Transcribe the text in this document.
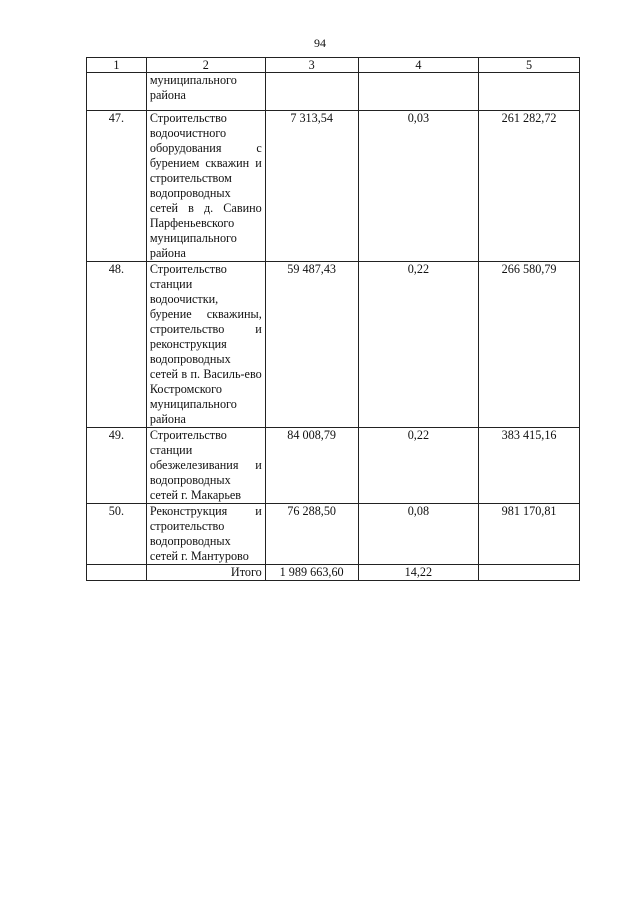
94
1	2	3	4	5
	муниципального района			
47.	Строительство водоочистного оборудования с бурением скважин и строительством водопроводных сетей в д. Савино Парфеньевского муниципального района	7 313,54	0,03	261 282,72
48.	Строительство станции водоочистки, бурение скважины, строительство и реконструкция водопроводных сетей в п. Василь-ево Костромского муниципального района	59 487,43	0,22	266 580,79
49.	Строительство станции обезжелезивания и водопроводных сетей г. Макарьев	84 008,79	0,22	383 415,16
50.	Реконструкция и строительство водопроводных сетей г. Мантурово	76 288,50	0,08	981 170,81
	Итого	1 989 663,60	14,22	
